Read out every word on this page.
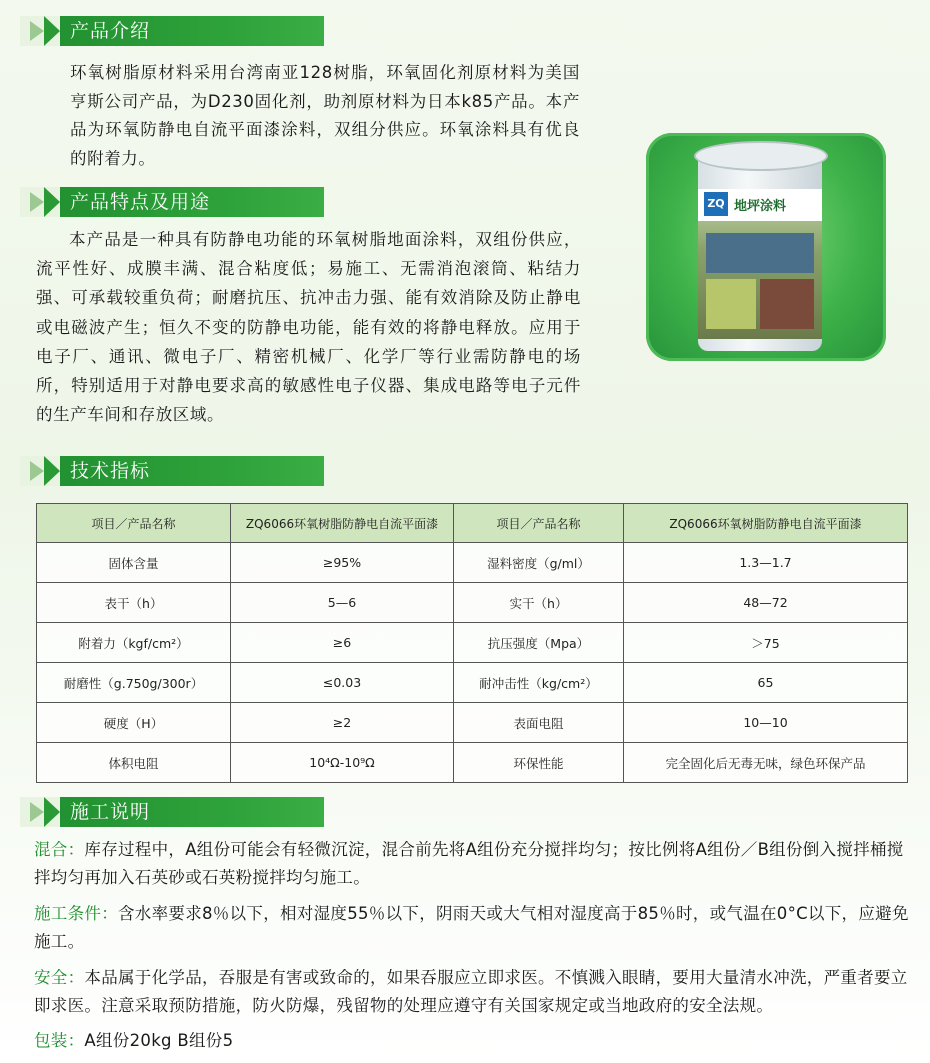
产品介绍
环氧树脂原材料采用台湾南亚128树脂，环氧固化剂原材料为美国亨斯公司产品，为D230固化剂，助剂原材料为日本k85产品。本产品为环氧防静电自流平面漆涂料，双组分供应。环氧涂料具有优良的附着力。
ZQ 地坪涂料
产品特点及用途
本产品是一种具有防静电功能的环氧树脂地面涂料，双组份供应，流平性好、成膜丰满、混合粘度低；易施工、无需消泡滚筒、粘结力强、可承载较重负荷；耐磨抗压、抗冲击力强、能有效消除及防止静电或电磁波产生；恒久不变的防静电功能，能有效的将静电释放。应用于电子厂、通讯、微电子厂、精密机械厂、化学厂等行业需防静电的场所，特别适用于对静电要求高的敏感性电子仪器、集成电路等电子元件的生产车间和存放区域。
技术指标
项目／产品名称	ZQ6066环氧树脂防静电自流平面漆	项目／产品名称	ZQ6066环氧树脂防静电自流平面漆
固体含量	≥95%	湿料密度（g/ml）	1.3—1.7
表干（h）	5—6	实干（h）	48—72
附着力（kgf/cm²）	≥6	抗压强度（Mpa）	＞75
耐磨性（g.750g/300r）	≤0.03	耐冲击性（kg/cm²）	65
硬度（H）	≥2	表面电阻	10—10
体积电阻	10⁴Ω-10⁹Ω	环保性能	完全固化后无毒无味，绿色环保产品
施工说明
混合：库存过程中，A组份可能会有轻微沉淀，混合前先将A组份充分搅拌均匀；按比例将A组份／B组份倒入搅拌桶搅拌均匀再加入石英砂或石英粉搅拌均匀施工。
施工条件：含水率要求8％以下，相对湿度55％以下，阴雨天或大气相对湿度高于85％时，或气温在0°C以下，应避免施工。
安全：本品属于化学品，吞服是有害或致命的，如果吞服应立即求医。不慎溅入眼睛，要用大量清水冲洗，严重者要立即求医。注意采取预防措施，防火防爆，残留物的处理应遵守有关国家规定或当地政府的安全法规。
包装：A组份20kg B组份5
